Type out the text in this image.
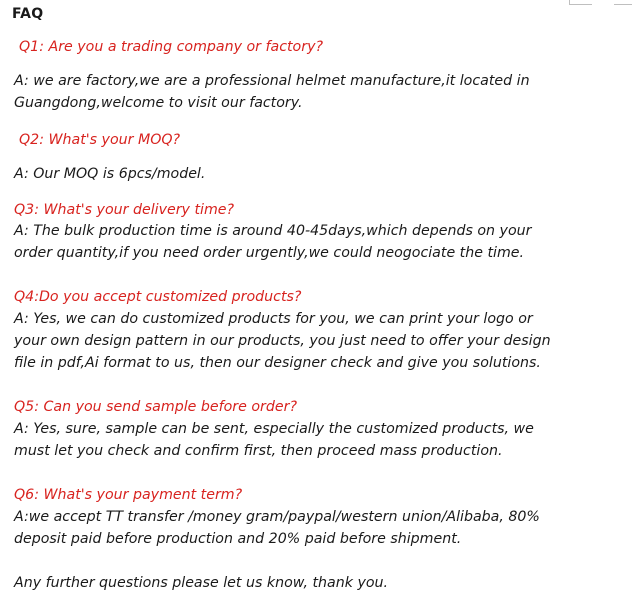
FAQ
Q1: Are you a trading company or factory?
A: we are factory,we are a professional helmet manufacture,it located in
Guangdong,welcome to visit our factory.
Q2: What's your MOQ?
A: Our MOQ is 6pcs/model.
Q3: What's your delivery time?
A: The bulk production time is around 40-45days,which depends on your
order quantity,if you need order urgently,we could neogociate the time.
Q4:Do you accept customized products?
A: Yes, we can do customized products for you, we can print your logo or
your own design pattern in our products, you just need to offer your design
file in pdf,Ai format to us, then our designer check and give you solutions.
Q5: Can you send sample before order?
A: Yes, sure, sample can be sent, especially the customized products, we
must let you check and confirm first, then proceed mass production.
Q6: What's your payment term?
A:we accept TT transfer /money gram/paypal/western union/Alibaba, 80%
deposit paid before production and 20% paid before shipment.
Any further questions please let us know, thank you.
